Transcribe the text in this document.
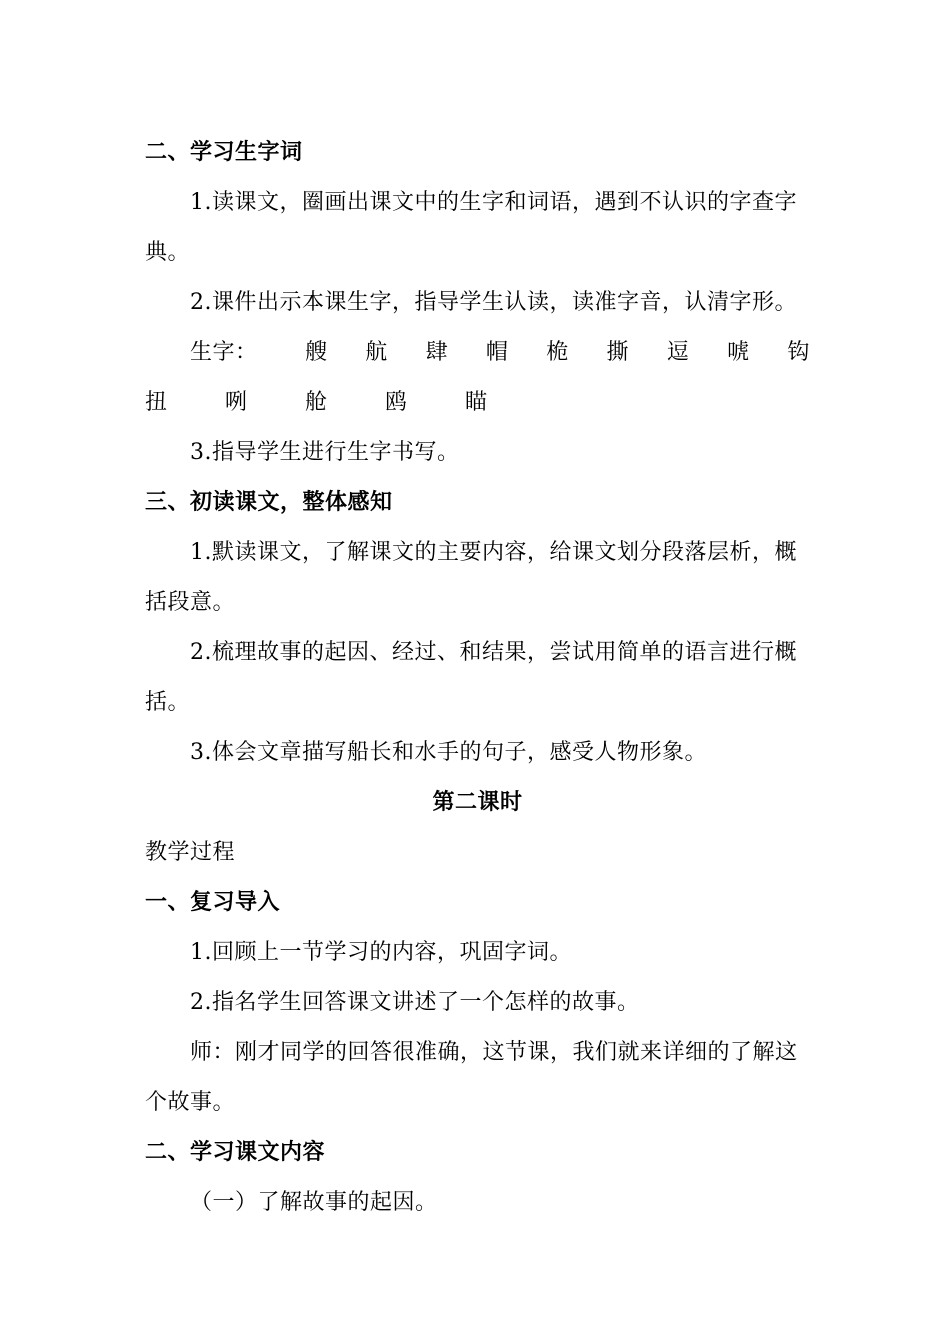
二、学习生字词
1.读课文，圈画出课文中的生字和词语，遇到不认识的字查字
典。
2.课件出示本课生字，指导学生认读，读准字音，认清字形。
生字：	艘 航 肆 帽 桅 撕 逗 唬 钩
扭	咧	舱	鸥	瞄
3.指导学生进行生字书写。
三、初读课文，整体感知
1.默读课文，了解课文的主要内容，给课文划分段落层析，概
括段意。
2.梳理故事的起因、经过、和结果，尝试用简单的语言进行概
括。
3.体会文章描写船长和水手的句子，感受人物形象。
第二课时
教学过程
一、复习导入
1.回顾上一节学习的内容，巩固字词。
2.指名学生回答课文讲述了一个怎样的故事。
师：刚才同学的回答很准确，这节课，我们就来详细的了解这
个故事。
二、学习课文内容
（一）了解故事的起因。
